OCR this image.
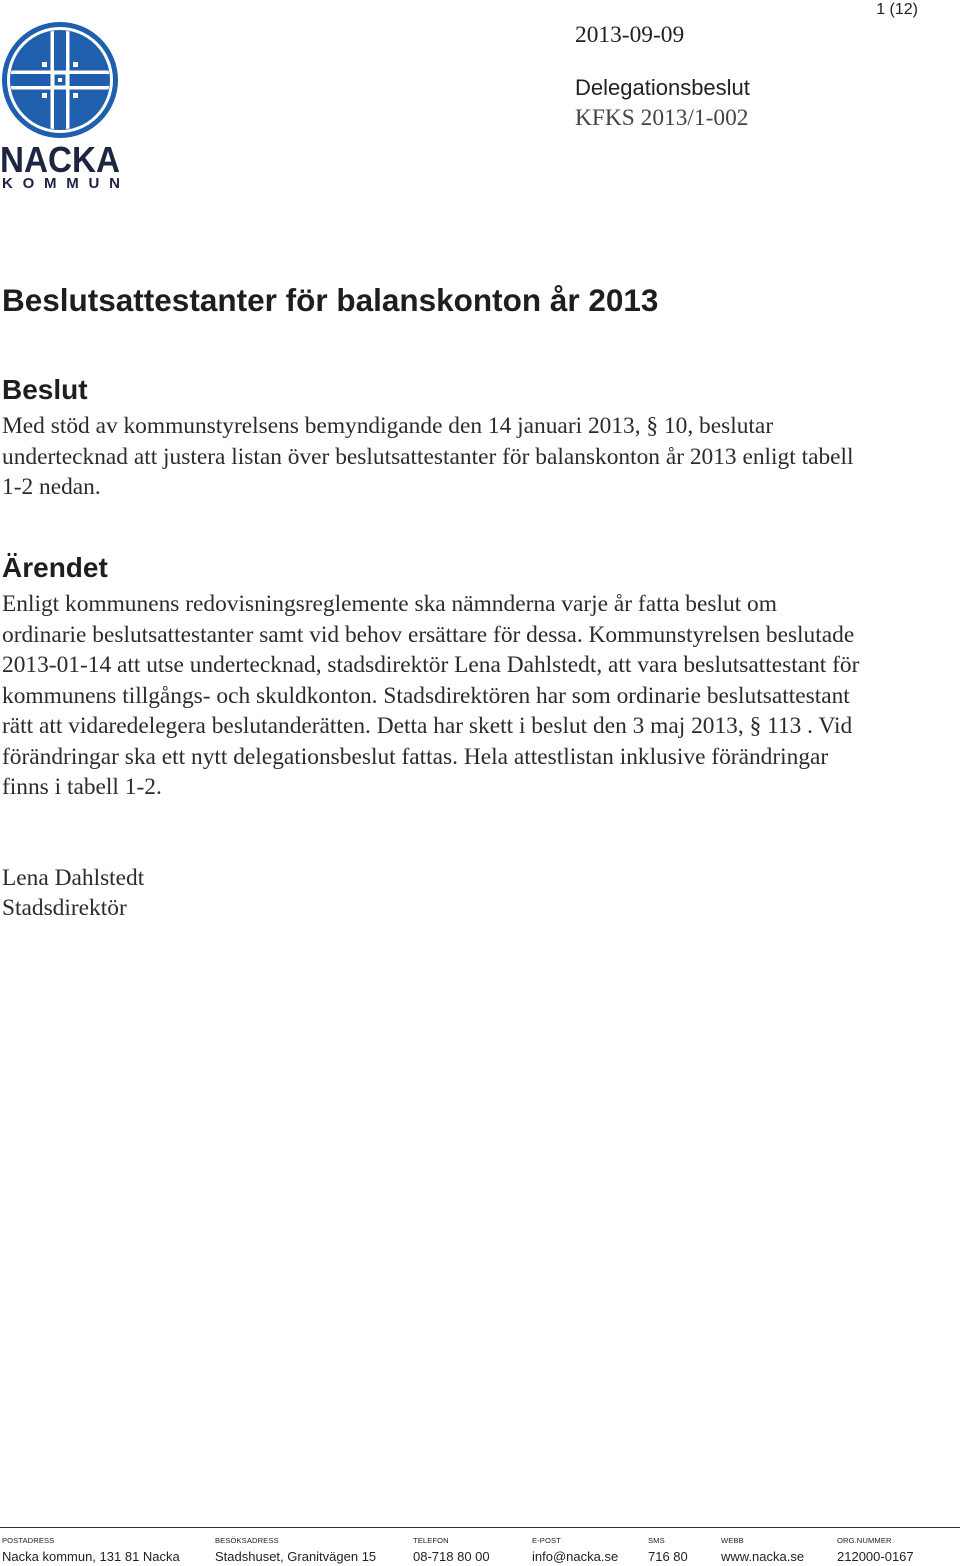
1 (12)
NACKA
KOMMUN
2013-09-09
Delegationsbeslut
KFKS 2013/1-002
Beslutsattestanter för balanskonton år 2013
Beslut
Med stöd av kommunstyrelsens bemyndigande den 14 januari 2013, § 10, beslutar
undertecknad att justera listan över beslutsattestanter för balanskonton år 2013 enligt tabell
1-2 nedan.
Ärendet
Enligt kommunens redovisningsreglemente ska nämnderna varje år fatta beslut om
ordinarie beslutsattestanter samt vid behov ersättare för dessa. Kommunstyrelsen beslutade
2013-01-14 att utse undertecknad, stadsdirektör Lena Dahlstedt, att vara beslutsattestant för
kommunens tillgångs- och skuldkonton. Stadsdirektören har som ordinarie beslutsattestant
rätt att vidaredelegera beslutanderätten. Detta har skett i beslut den 3 maj 2013, § 113 . Vid
förändringar ska ett nytt delegationsbeslut fattas. Hela attestlistan inklusive förändringar
finns i tabell 1-2.
Lena Dahlstedt
Stadsdirektör
POSTADRESS
Nacka kommun, 131 81 Nacka
BESÖKSADRESS
Stadshuset, Granitvägen 15
TELEFON
08-718 80 00
E-POST
info@nacka.se
SMS
716 80
WEBB
www.nacka.se
ORG.NUMMER
212000-0167
